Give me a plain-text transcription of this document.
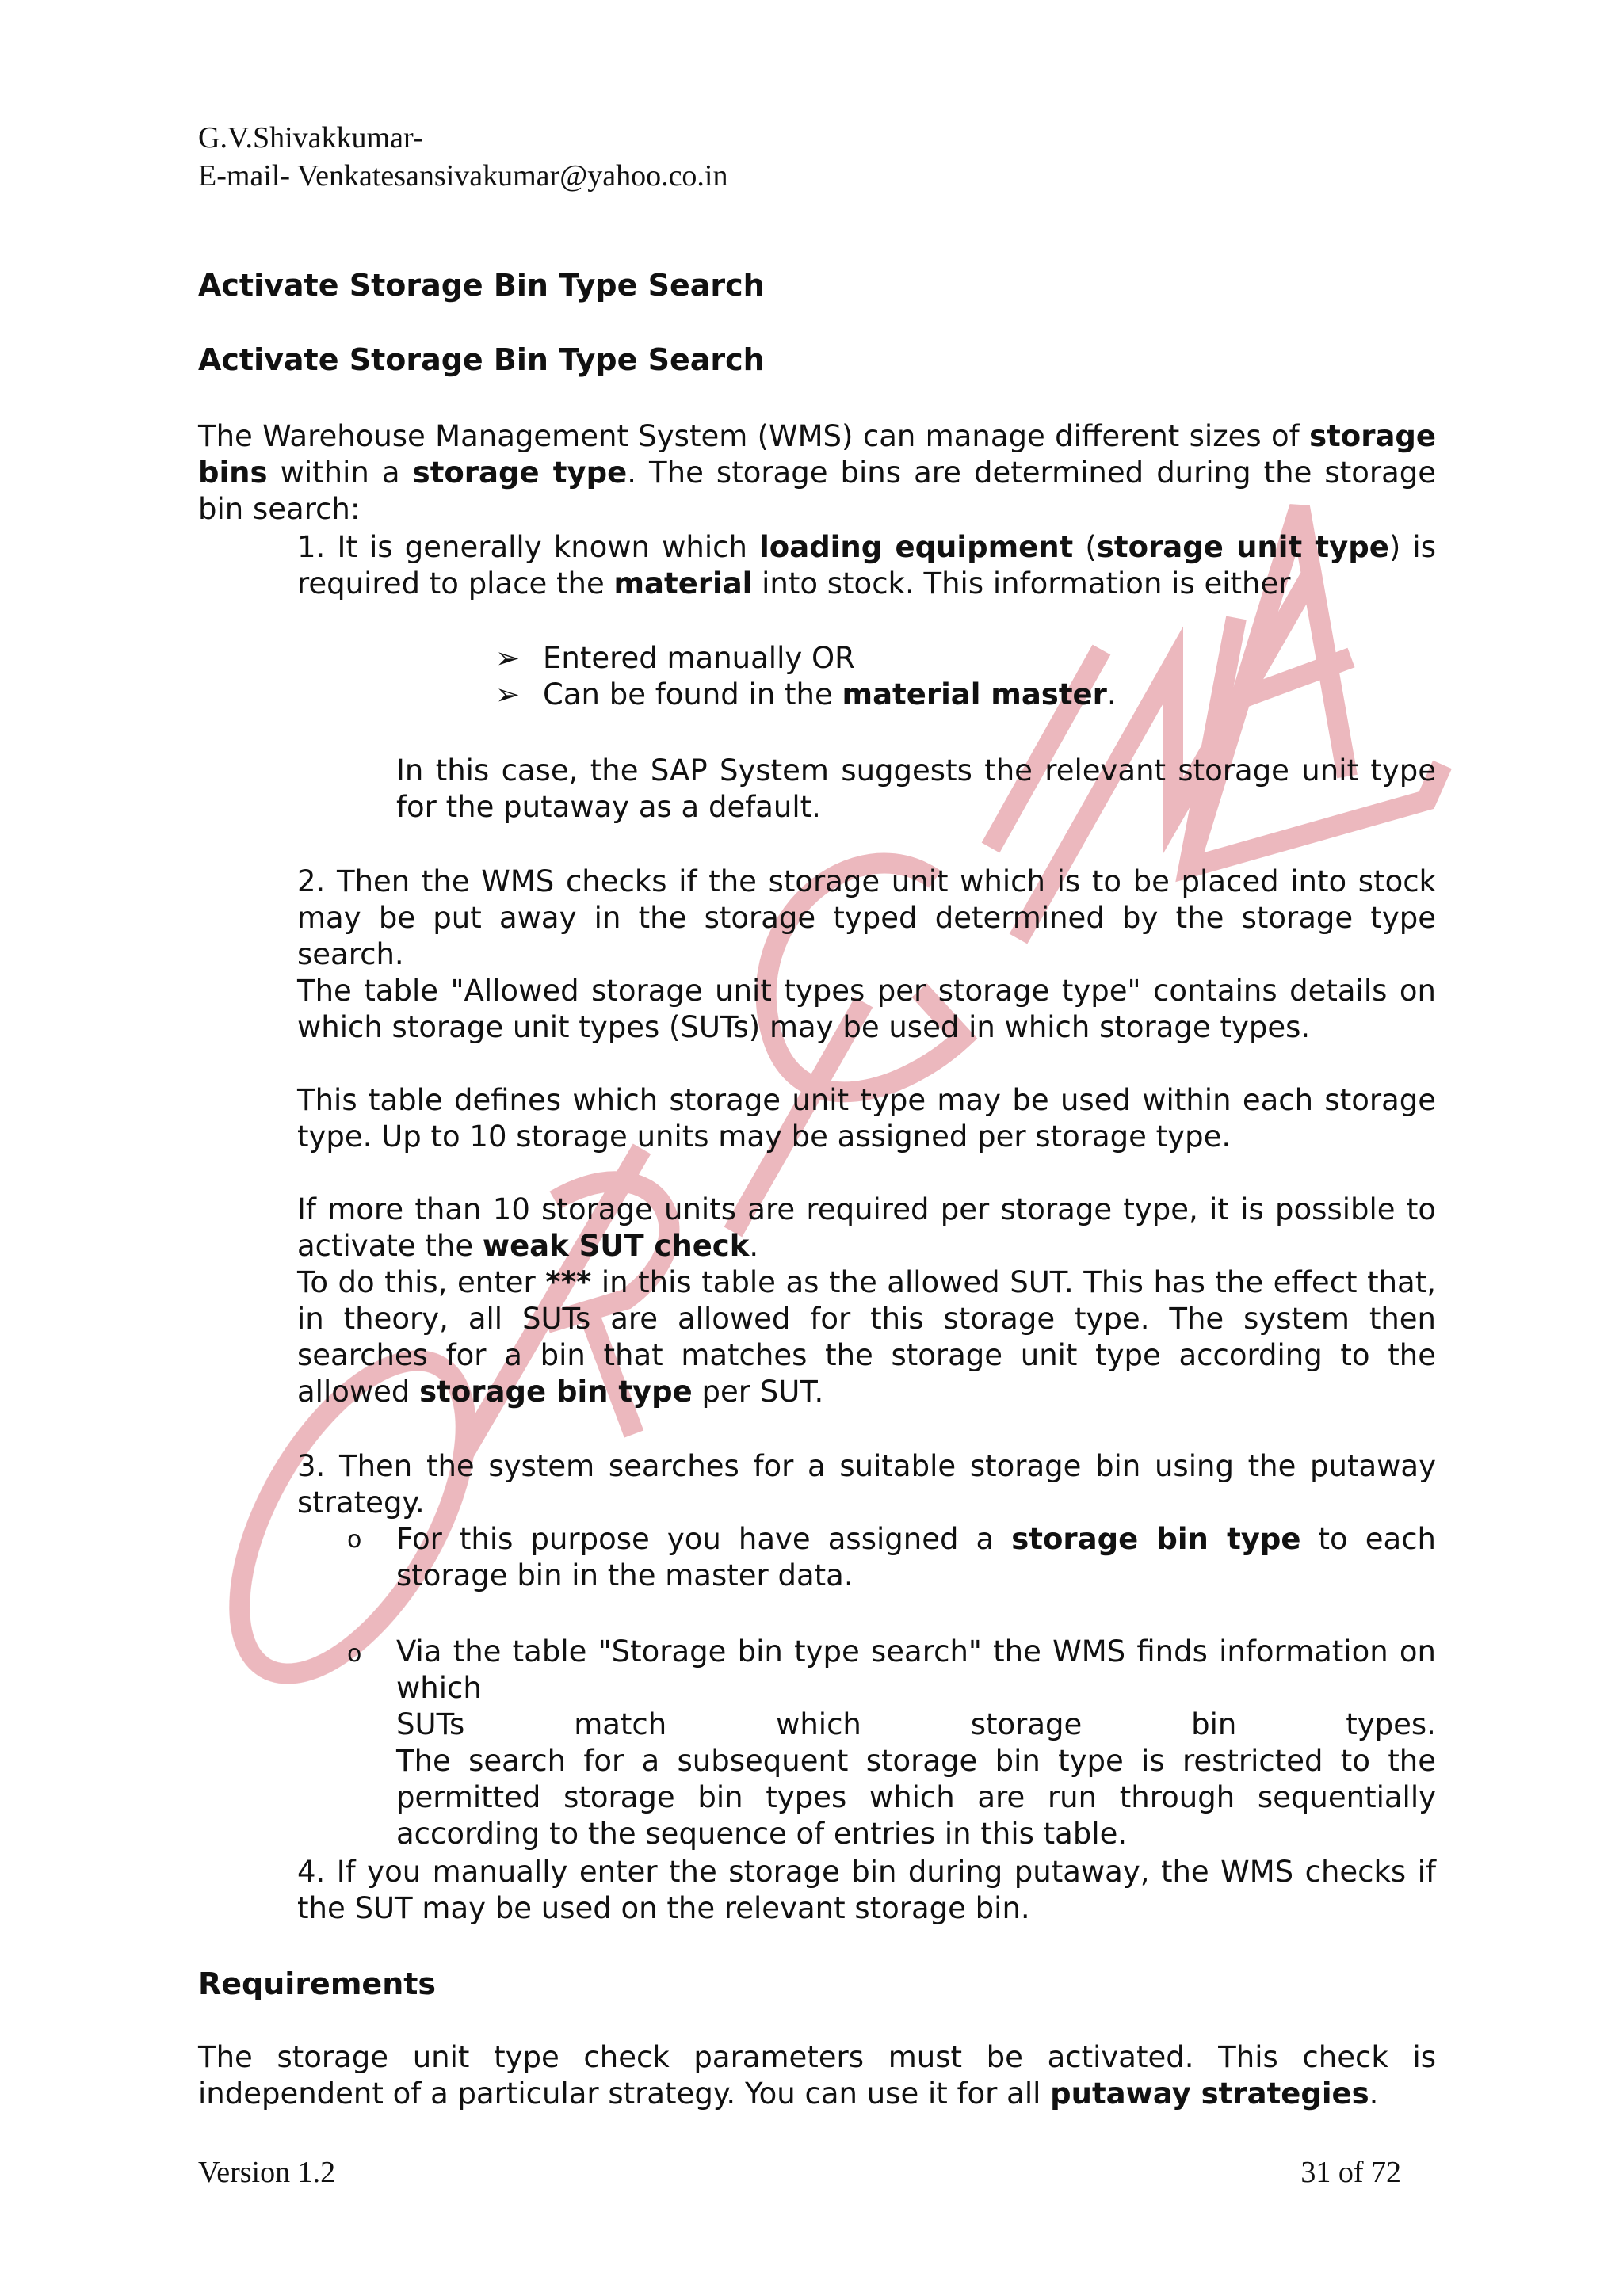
G.V.Shivakkumar-
E-mail- Venkatesansivakumar@yahoo.co.in
Activate Storage Bin Type Search
Activate Storage Bin Type Search
The Warehouse Management System (WMS) can manage different sizes of storage bins within a storage type. The storage bins are determined during the storage bin search:
1. It is generally known which loading equipment (storage unit type) is required to place the material into stock. This information is either
➢ Entered manually OR
➢ Can be found in the material master.
In this case, the SAP System suggests the relevant storage unit type for the putaway as a default.
2. Then the WMS checks if the storage unit which is to be placed into stock may be put away in the storage typed determined by the storage type search.
The table "Allowed storage unit types per storage type" contains details on which storage unit types (SUTs) may be used in which storage types.
This table defines which storage unit type may be used within each storage type. Up to 10 storage units may be assigned per storage type.
If more than 10 storage units are required per storage type, it is possible to activate the weak SUT check.
To do this, enter *** in this table as the allowed SUT. This has the effect that, in theory, all SUTs are allowed for this storage type. The system then searches for a bin that matches the storage unit type according to the allowed storage bin type per SUT.
3. Then the system searches for a suitable storage bin using the putaway strategy.
o For this purpose you have assigned a storage bin type to each storage bin in the master data.
o Via the table "Storage bin type search" the WMS finds information on which
SUTs	match	which	storage	bin	types.
The search for a subsequent storage bin type is restricted to the permitted storage bin types which are run through sequentially according to the sequence of entries in this table.
4. If you manually enter the storage bin during putaway, the WMS checks if the SUT may be used on the relevant storage bin.
Requirements
The storage unit type check parameters must be activated. This check is independent of a particular strategy. You can use it for all putaway strategies.
Version 1.2	31 of 72
